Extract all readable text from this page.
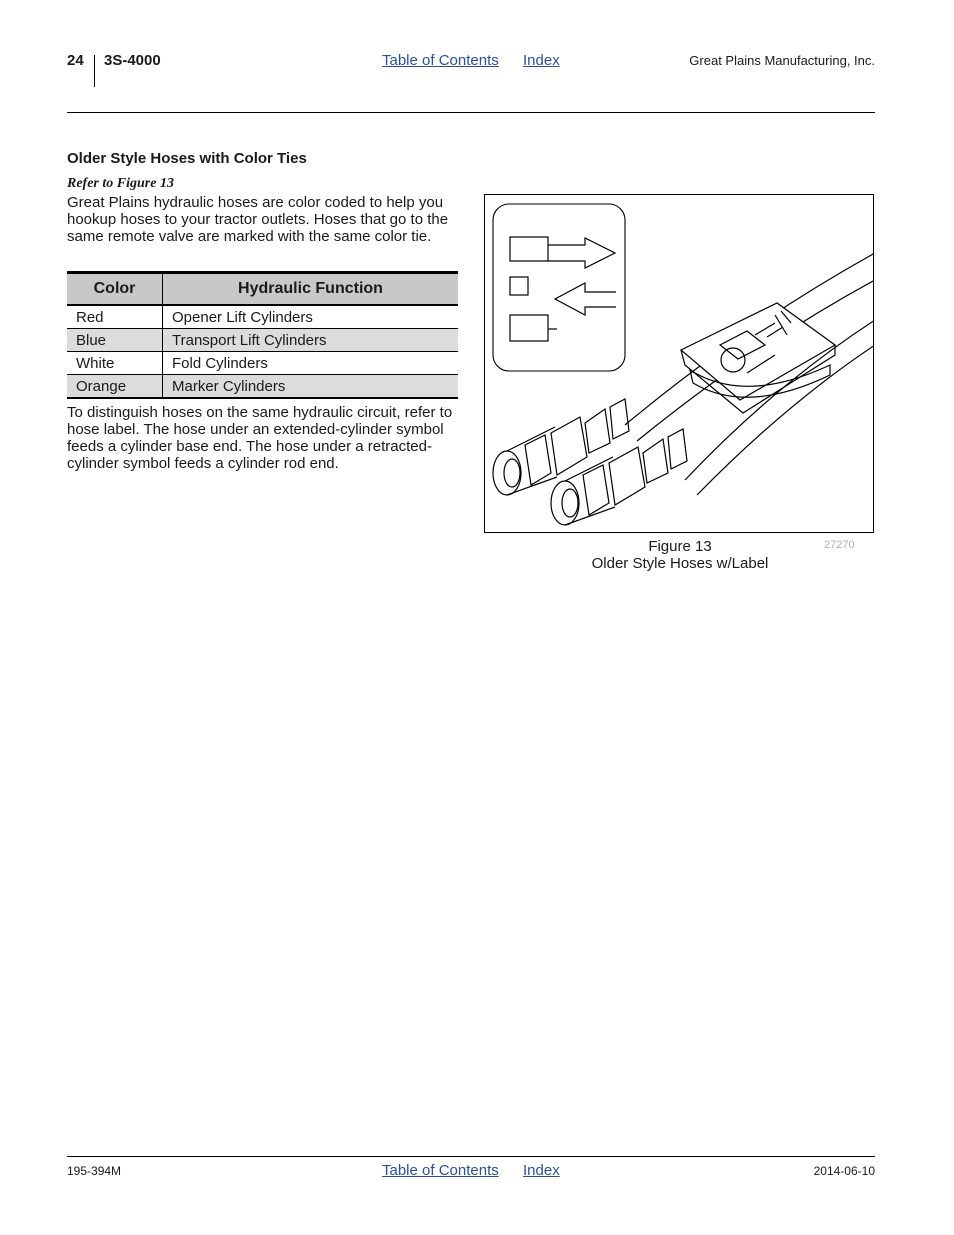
24 3S-4000	Table of Contents Index	Great Plains Manufacturing, Inc.
Older Style Hoses with Color Ties
Refer to Figure 13
Great Plains hydraulic hoses are color coded to help you hookup hoses to your tractor outlets. Hoses that go to the same remote valve are marked with the same color tie.
Color	Hydraulic Function
Red	Opener Lift Cylinders
Blue	Transport Lift Cylinders
White	Fold Cylinders
Orange	Marker Cylinders
To distinguish hoses on the same hydraulic circuit, refer to hose label. The hose under an extended-cylinder symbol feeds a cylinder base end. The hose under a retracted-cylinder symbol feeds a cylinder rod end.
Figure 13
Older Style Hoses w/Label
27270
195-394M	Table of Contents Index	2014-06-10
